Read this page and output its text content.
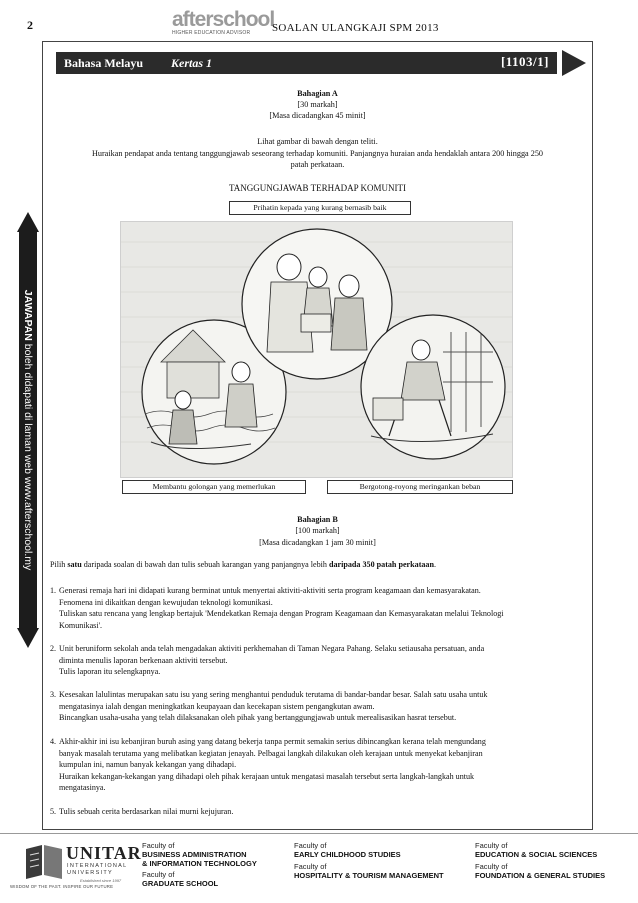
2	afterschool
HIGHER EDUCATION ADVISOR	SOALAN ULANGKAJI SPM 2013
Bahasa Melayu Kertas 1	[1103/1]
Bahagian A
[30 markah]
[Masa dicadangkan 45 minit]
Lihat gambar di bawah dengan teliti.
Huraikan pendapat anda tentang tanggungjawab seseorang terhadap komuniti. Panjangnya huraian anda hendaklah antara 200 hingga 250
patah perkataan.
TANGGUNGJAWAB TERHADAP KOMUNITI
Prihatin kepada yang kurang bernasib baik
Membantu golongan yang memerlukan	Bergotong-royong meringankan beban
JAWAPAN boleh didapati di laman web www.afterschool.my	Bahagian B
[100 markah]
[Masa dicadangkan 1 jam 30 minit]
Pilih satu daripada soalan di bawah dan tulis sebuah karangan yang panjangnya lebih daripada 350 patah perkataan.
1. Generasi remaja hari ini didapati kurang berminat untuk menyertai aktiviti-aktiviti serta program keagamaan dan kemasyarakatan.
Fenomena ini dikaitkan dengan kewujudan teknologi komunikasi.
Tuliskan satu rencana yang lengkap bertajuk 'Mendekatkan Remaja dengan Program Keagamaan dan Kemasyarakatan melalui Teknologi
Komunikasi'.
2. Unit beruniform sekolah anda telah mengadakan aktiviti perkhemahan di Taman Negara Pahang. Selaku setiausaha persatuan, anda
diminta menulis laporan berkenaan aktiviti tersebut.
Tulis laporan itu selengkapnya.
3. Kesesakan lalulintas merupakan satu isu yang sering menghantui penduduk terutama di bandar-bandar besar. Salah satu usaha untuk
mengatasinya ialah dengan meningkatkan keupayaan dan kecekapan sistem pengangkutan awam.
Bincangkan usaha-usaha yang telah dilaksanakan oleh pihak yang bertanggungjawab untuk merealisasikan hasrat tersebut.
4. Akhir-akhir ini isu kebanjiran buruh asing yang datang bekerja tanpa permit semakin serius dibincangkan kerana telah mengundang
banyak masalah terutama yang melibatkan kegiatan jenayah. Pelbagai langkah dilakukan oleh kerajaan untuk menyekat kebanjiran
kumpulan ini, namun banyak kekangan yang dihadapi.
Huraikan kekangan-kekangan yang dihadapi oleh pihak kerajaan untuk mengatasi masalah tersebut serta langkah-langkah untuk
mengatasinya.
5. Tulis sebuah cerita berdasarkan nilai murni kejujuran.
UNITAR
INTERNATIONAL
UNIVERSITY
Established since 1997
WISDOM OF THE PAST. INSPIRE OUR FUTURE
Faculty of
BUSINESS ADMINISTRATION
& INFORMATION TECHNOLOGY
Faculty of
GRADUATE SCHOOL
Faculty of
EARLY CHILDHOOD STUDIES
Faculty of
HOSPITALITY & TOURISM MANAGEMENT
Faculty of
EDUCATION & SOCIAL SCIENCES
Faculty of
FOUNDATION & GENERAL STUDIES
